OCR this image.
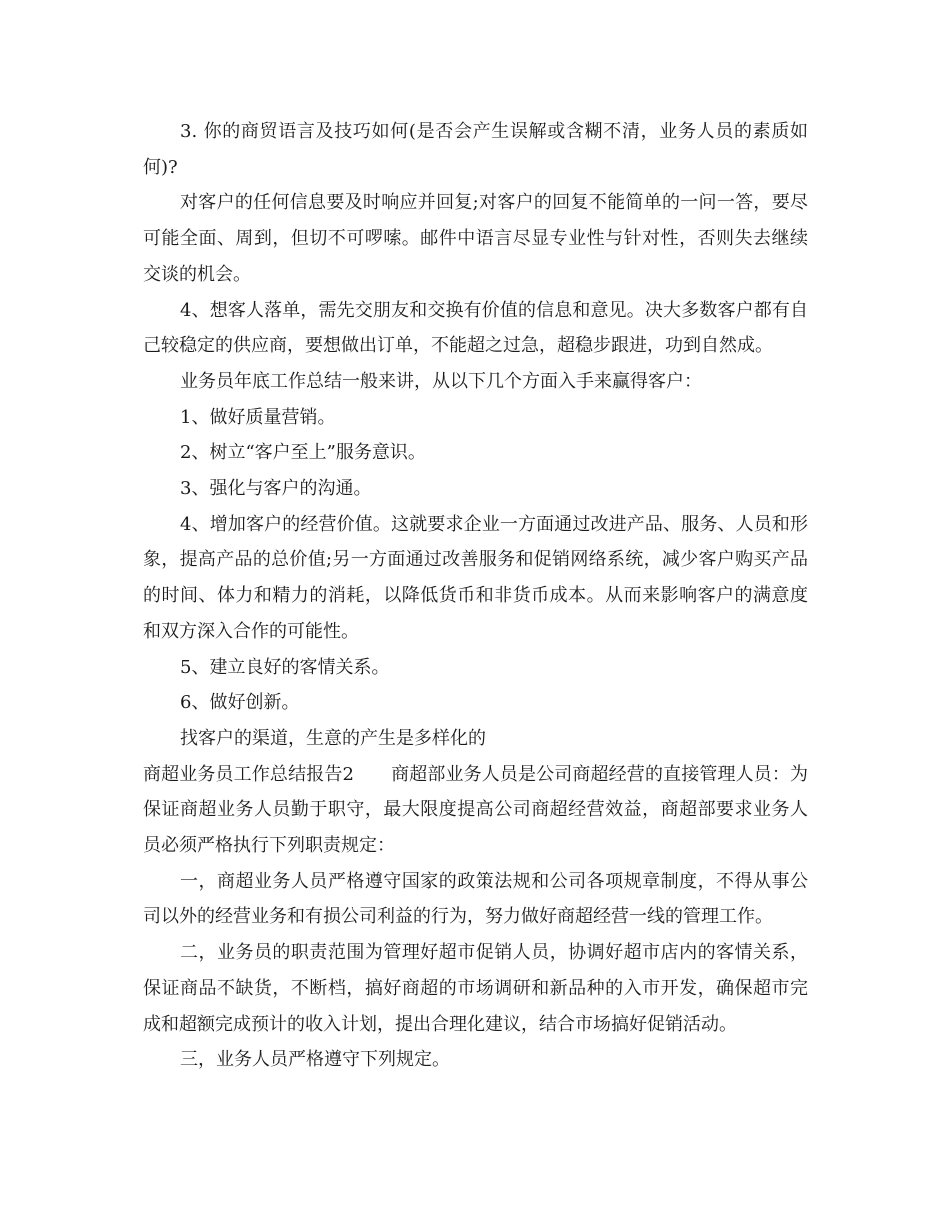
3. 你的商贸语言及技巧如何(是否会产生误解或含糊不清，业务人员的素质如何)?

对客户的任何信息要及时响应并回复;对客户的回复不能简单的一问一答，要尽可能全面、周到，但切不可啰嗦。邮件中语言尽显专业性与针对性，否则失去继续交谈的机会。

4、想客人落单，需先交朋友和交换有价值的信息和意见。决大多数客户都有自己较稳定的供应商，要想做出订单，不能超之过急，超稳步跟进，功到自然成。

业务员年底工作总结一般来讲，从以下几个方面入手来赢得客户：

1、做好质量营销。

2、树立“客户至上”服务意识。

3、强化与客户的沟通。

4、增加客户的经营价值。这就要求企业一方面通过改进产品、服务、人员和形象，提高产品的总价值;另一方面通过改善服务和促销网络系统，减少客户购买产品的时间、体力和精力的消耗，以降低货币和非货币成本。从而来影响客户的满意度和双方深入合作的可能性。

5、建立良好的客情关系。

6、做好创新。

找客户的渠道，生意的产生是多样化的

商超业务员工作总结报告2 商超部业务人员是公司商超经营的直接管理人员：为保证商超业务人员勤于职守，最大限度提高公司商超经营效益，商超部要求业务人员必须严格执行下列职责规定：

一，商超业务人员严格遵守国家的政策法规和公司各项规章制度，不得从事公司以外的经营业务和有损公司利益的行为，努力做好商超经营一线的管理工作。

二，业务员的职责范围为管理好超市促销人员，协调好超市店内的客情关系，保证商品不缺货，不断档，搞好商超的市场调研和新品种的入市开发，确保超市完成和超额完成预计的收入计划，提出合理化建议，结合市场搞好促销活动。

三，业务人员严格遵守下列规定。
